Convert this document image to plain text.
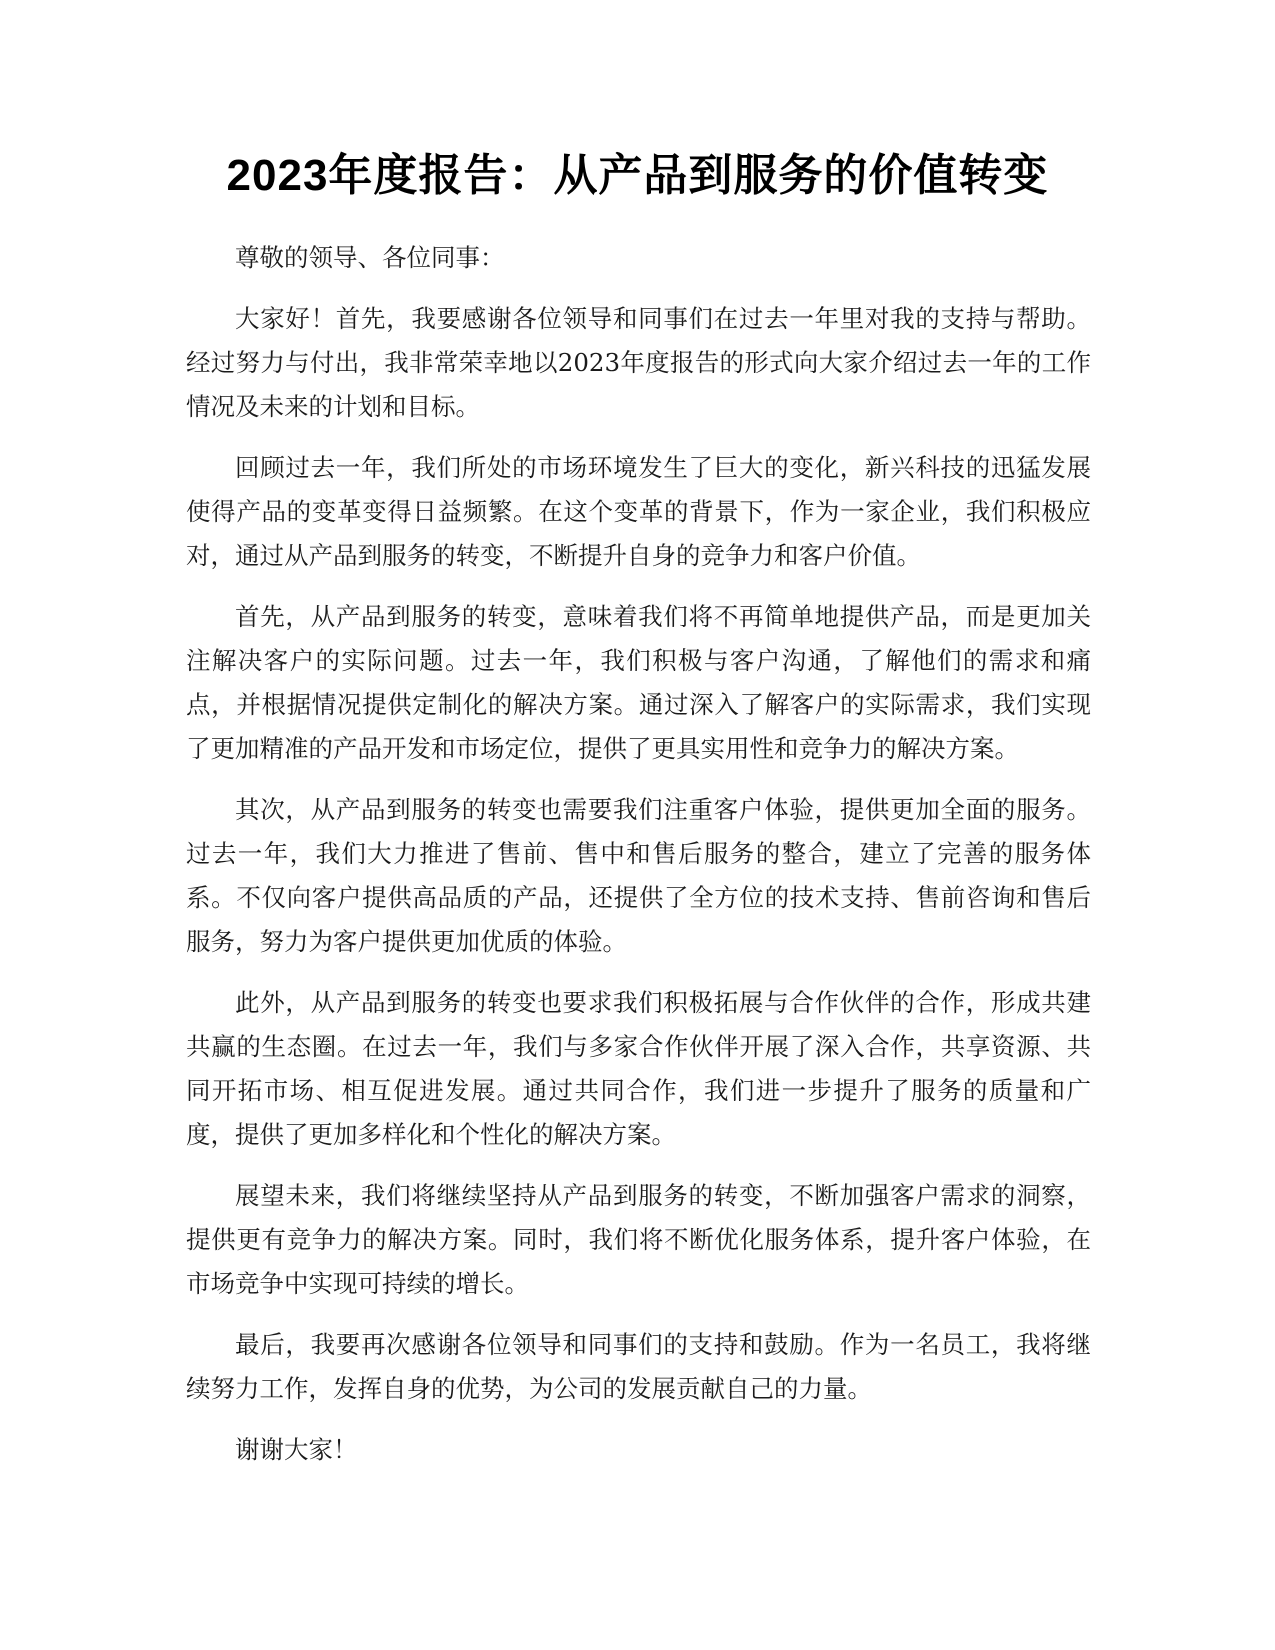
2023年度报告：从产品到服务的价值转变

尊敬的领导、各位同事：

大家好！首先，我要感谢各位领导和同事们在过去一年里对我的支持与帮助。经过努力与付出，我非常荣幸地以2023年度报告的形式向大家介绍过去一年的工作情况及未来的计划和目标。

回顾过去一年，我们所处的市场环境发生了巨大的变化，新兴科技的迅猛发展使得产品的变革变得日益频繁。在这个变革的背景下，作为一家企业，我们积极应对，通过从产品到服务的转变，不断提升自身的竞争力和客户价值。

首先，从产品到服务的转变，意味着我们将不再简单地提供产品，而是更加关注解决客户的实际问题。过去一年，我们积极与客户沟通，了解他们的需求和痛点，并根据情况提供定制化的解决方案。通过深入了解客户的实际需求，我们实现了更加精准的产品开发和市场定位，提供了更具实用性和竞争力的解决方案。

其次，从产品到服务的转变也需要我们注重客户体验，提供更加全面的服务。过去一年，我们大力推进了售前、售中和售后服务的整合，建立了完善的服务体系。不仅向客户提供高品质的产品，还提供了全方位的技术支持、售前咨询和售后服务，努力为客户提供更加优质的体验。

此外，从产品到服务的转变也要求我们积极拓展与合作伙伴的合作，形成共建共赢的生态圈。在过去一年，我们与多家合作伙伴开展了深入合作，共享资源、共同开拓市场、相互促进发展。通过共同合作，我们进一步提升了服务的质量和广度，提供了更加多样化和个性化的解决方案。

展望未来，我们将继续坚持从产品到服务的转变，不断加强客户需求的洞察，提供更有竞争力的解决方案。同时，我们将不断优化服务体系，提升客户体验，在市场竞争中实现可持续的增长。

最后，我要再次感谢各位领导和同事们的支持和鼓励。作为一名员工，我将继续努力工作，发挥自身的优势，为公司的发展贡献自己的力量。

谢谢大家！
